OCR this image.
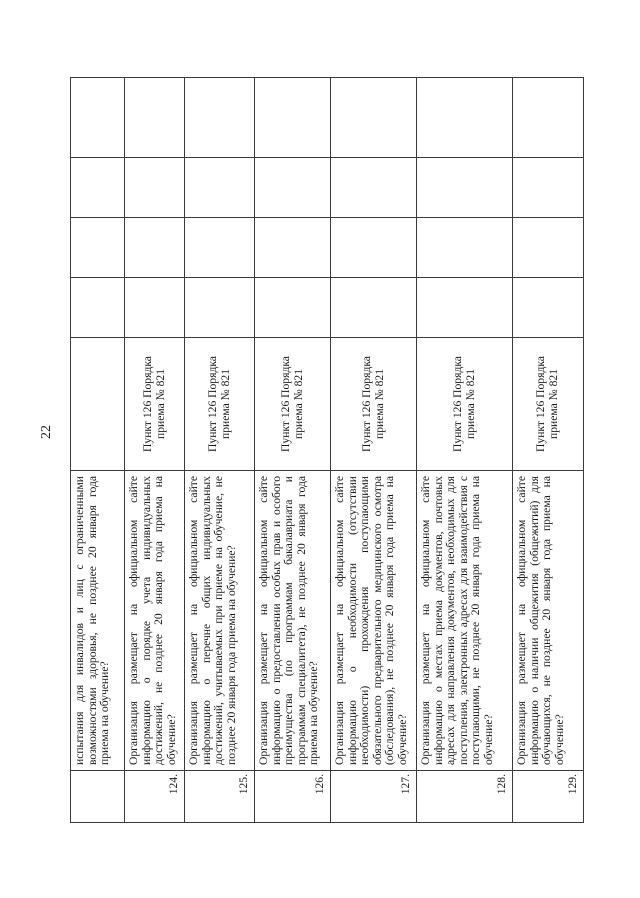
22
	испытания для инвалидов и лиц с ограниченными возможностями здоровья, не позднее 20 января года приема на обучение?					
124.	Организация размещает на официальном сайте информацию о порядке учета индивидуальных достижений, не позднее 20 января года приема на обучение?	Пункт 126 Порядка приема № 821				
125.	Организация размещает на официальном сайте информацию о перечне общих индивидуальных достижений, учитываемых при приеме на обучение, не позднее 20 января года приема на обучение?	Пункт 126 Порядка приема № 821				
126.	Организация размещает на официальном сайте информацию о предоставлении особых прав и особого преимущества (по программам бакалавриата и программам специалитета), не позднее 20 января года приема на обучение?	Пункт 126 Порядка приема № 821				
127.	Организация размещает на официальном сайте информацию о необходимости (отсутствии необходимости) прохождения поступающими обязательного предварительного медицинского осмотра (обследования), не позднее 20 января года приема на обучение?	Пункт 126 Порядка приема № 821				
128.	Организация размещает на официальном сайте информацию о местах приема документов, почтовых адресах для направления документов, необходимых для поступления, электронных адресах для взаимодействия с поступающими, не позднее 20 января года приема на обучение?	Пункт 126 Порядка приема № 821				
129.	Организация размещает на официальном сайте информацию о наличии общежития (общежитий) для обучающихся, не позднее 20 января года приема на обучение?	Пункт 126 Порядка приема № 821				
